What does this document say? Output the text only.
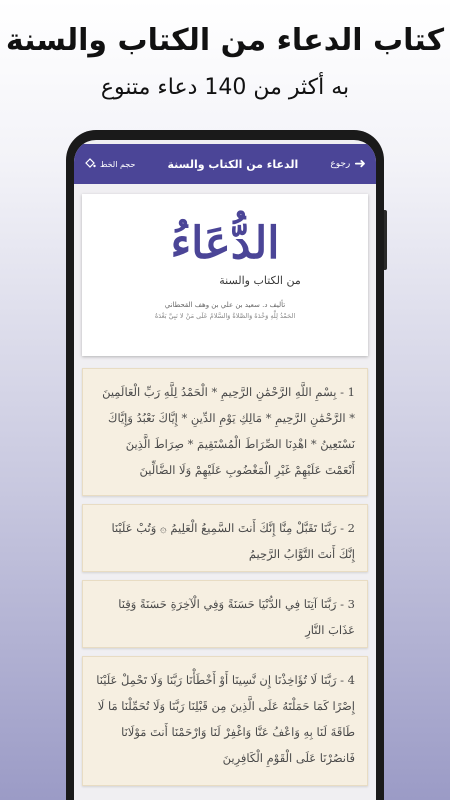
كتاب الدعاء من الكتاب والسنة
به أكثر من 140 دعاء متنوع
حجم الخط	الدعاء من الكتاب والسنة	رجوع ➜
الدُّعَاءُ
من الكتاب والسنة
تأليف د. سعيد بن علي بن وهف القحطاني
الحَمْدُ لِلَّهِ وَحْدَهُ وَالصَّلاةُ وَالسَّلامُ عَلَى مَنْ لا نَبِيَّ بَعْدَهُ
1 - بِسْمِ اللَّهِ الرَّحْمَٰنِ الرَّحِيمِ * الْحَمْدُ لِلَّهِ رَبِّ الْعَالَمِينَ * الرَّحْمَٰنِ الرَّحِيمِ * مَالِكِ يَوْمِ الدِّينِ * إِيَّاكَ نَعْبُدُ وَإِيَّاكَ نَسْتَعِينُ * اهْدِنَا الصِّرَاطَ الْمُسْتَقِيمَ * صِرَاطَ الَّذِينَ أَنْعَمْتَ عَلَيْهِمْ غَيْرِ الْمَغْضُوبِ عَلَيْهِمْ وَلَا الضَّالِّينَ
2 - رَبَّنَا تَقَبَّلْ مِنَّا إِنَّكَ أَنتَ السَّمِيعُ الْعَلِيمُ ۞ وَتُبْ عَلَيْنَا إِنَّكَ أَنتَ التَّوَّابُ الرَّحِيمُ
3 - رَبَّنَا آتِنَا فِي الدُّنْيَا حَسَنَةً وَفِي الْآخِرَةِ حَسَنَةً وَقِنَا عَذَابَ النَّارِ
4 - رَبَّنَا لَا تُؤَاخِذْنَا إِن نَّسِينَا أَوْ أَخْطَأْنَا رَبَّنَا وَلَا تَحْمِلْ عَلَيْنَا إِصْرًا كَمَا حَمَلْتَهُ عَلَى الَّذِينَ مِن قَبْلِنَا رَبَّنَا وَلَا تُحَمِّلْنَا مَا لَا طَاقَةَ لَنَا بِهِ وَاعْفُ عَنَّا وَاغْفِرْ لَنَا وَارْحَمْنَا أَنتَ مَوْلَانَا فَانصُرْنَا عَلَى الْقَوْمِ الْكَافِرِينَ
